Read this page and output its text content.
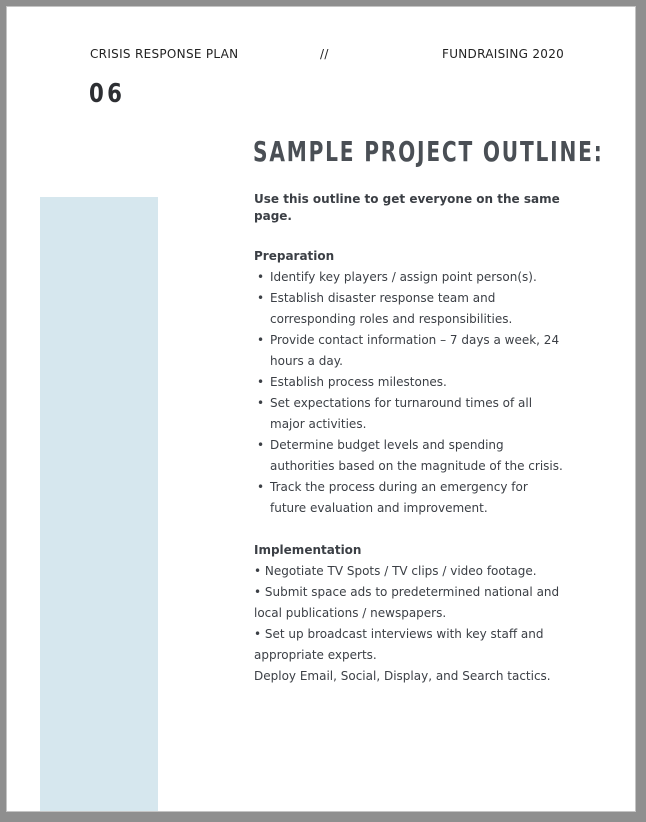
CRISIS RESPONSE PLAN	//	FUNDRAISING 2020
06
SAMPLE PROJECT OUTLINE:

Use this outline to get everyone on the same page.

Preparation

• Identify key players / assign point person(s).
• Establish disaster response team and corresponding roles and responsibilities.
• Provide contact information – 7 days a week, 24 hours a day.
• Establish process milestones.
• Set expectations for turnaround times of all major activities.
• Determine budget levels and spending authorities based on the magnitude of the crisis.
• Track the process during an emergency for future evaluation and improvement.

Implementation

• Negotiate TV Spots / TV clips / video footage.

• Submit space ads to predetermined national and local publications / newspapers.

• Set up broadcast interviews with key staff and appropriate experts.

Deploy Email, Social, Display, and Search tactics.
